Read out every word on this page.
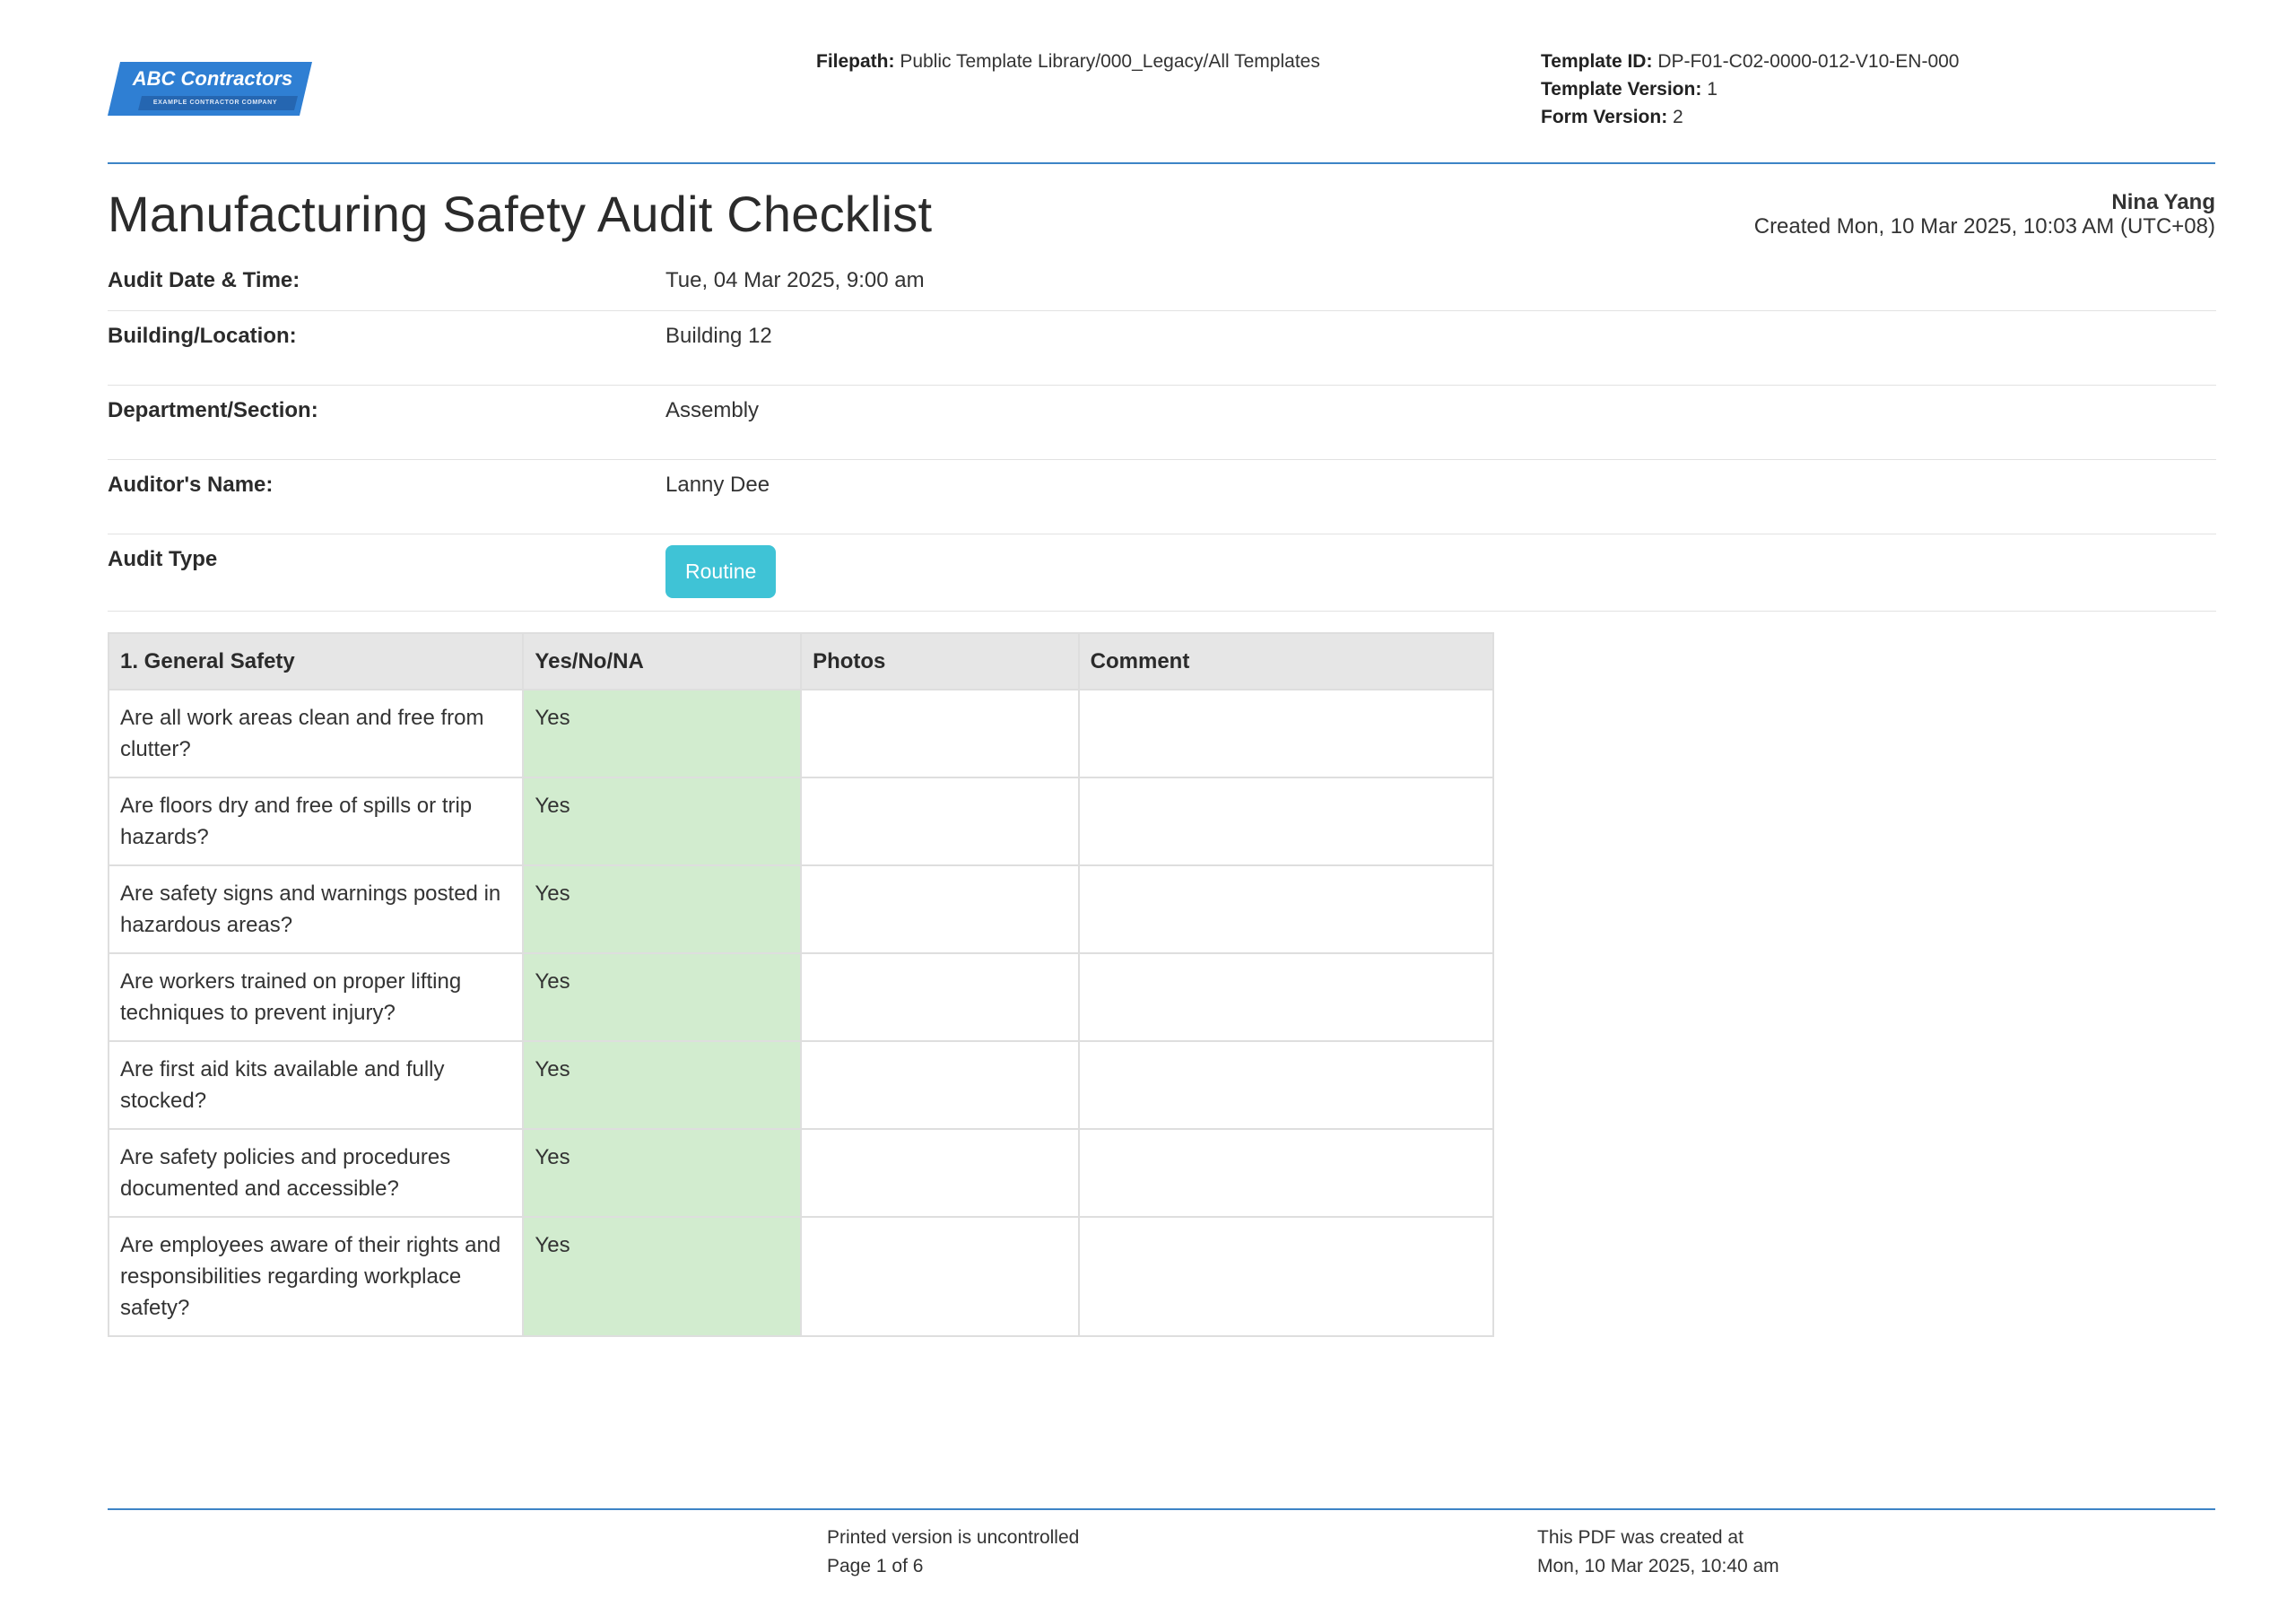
ABC Contractors
EXAMPLE CONTRACTOR COMPANY
Filepath: Public Template Library/000_Legacy/All Templates	Template ID: DP-F01-C02-0000-012-V10-EN-000
Template Version: 1
Form Version: 2
Manufacturing Safety Audit Checklist	Nina Yang
Created Mon, 10 Mar 2025, 10:03 AM (UTC+08)
Audit Date & Time:	Tue, 04 Mar 2025, 9:00 am
Building/Location:	Building 12
Department/Section:	Assembly
Auditor's Name:	Lanny Dee
Audit Type	Routine
1. General Safety	Yes/No/NA	Photos	Comment
Are all work areas clean and free from clutter?	Yes		
Are floors dry and free of spills or trip hazards?	Yes		
Are safety signs and warnings posted in hazardous areas?	Yes		
Are workers trained on proper lifting techniques to prevent injury?	Yes		
Are first aid kits available and fully stocked?	Yes		
Are safety policies and procedures documented and accessible?	Yes		
Are employees aware of their rights and responsibilities regarding workplace safety?	Yes		
Printed version is uncontrolled
Page 1 of 6
This PDF was created at
Mon, 10 Mar 2025, 10:40 am
